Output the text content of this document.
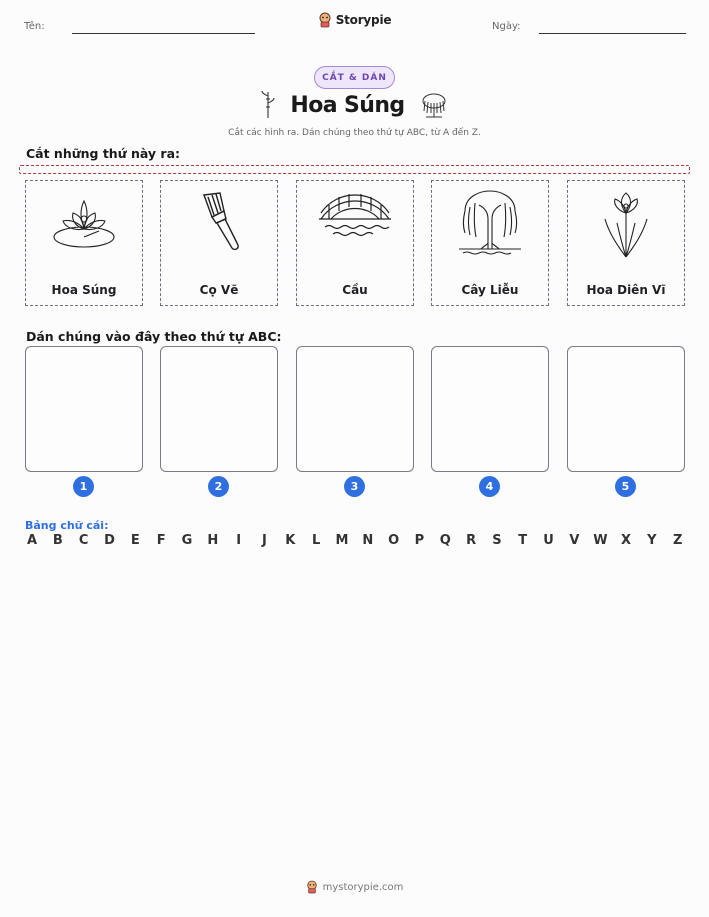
Tên:	Ngày:
Storypie
CẮT & DÁN
Hoa Súng
Cắt các hình ra. Dán chúng theo thứ tự ABC, từ A đến Z.
Cắt những thứ này ra:
Hoa Súng	Cọ Vẽ	Cầu	Cây Liễu	Hoa Diên Vĩ
Dán chúng vào đây theo thứ tự ABC:
1	2	3	4	5
Bảng chữ cái:
A B C D E F G H	I	J	K L M N O P Q R S T U V W X Y Z
mystorypie.com
